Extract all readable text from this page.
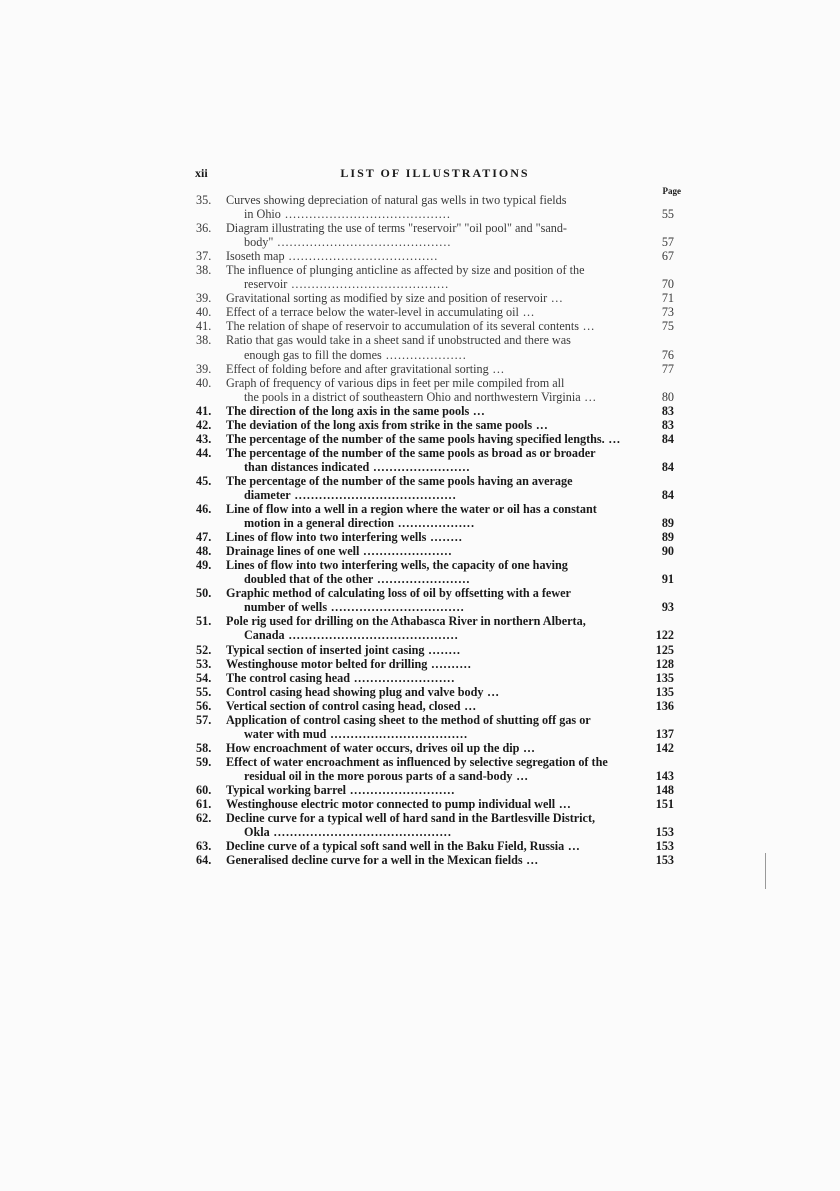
xii	LIST OF ILLUSTRATIONS
Page
35.	Curves showing depreciation of natural gas wells in two typical fields
in Ohio .........................................	55
36.	Diagram illustrating the use of terms "reservoir" "oil pool" and "sand-
body" ...........................................	57
37.	Isoseth map .....................................	67
38.	The influence of plunging anticline as affected by size and position of the
reservoir .......................................	70
39.	Gravitational sorting as modified by size and position of reservoir ...	71
40.	Effect of a terrace below the water-level in accumulating oil ...	73
41.	The relation of shape of reservoir to accumulation of its several contents ...	75
38.	Ratio that gas would take in a sheet sand if unobstructed and there was
enough gas to fill the domes ....................	76
39.	Effect of folding before and after gravitational sorting ...	77
40.	Graph of frequency of various dips in feet per mile compiled from all
the pools in a district of southeastern Ohio and northwestern Virginia ...	80
41.	The direction of the long axis in the same pools ...	83
42.	The deviation of the long axis from strike in the same pools ...	83
43.	The percentage of the number of the same pools having specified lengths. ...	84
44.	The percentage of the number of the same pools as broad as or broader
than distances indicated ........................	84
45.	The percentage of the number of the same pools having an average
diameter ........................................	84
46.	Line of flow into a well in a region where the water or oil has a constant
motion in a general direction ...................	89
47.	Lines of flow into two interfering wells ........	89
48.	Drainage lines of one well ......................	90
49.	Lines of flow into two interfering wells, the capacity of one having
doubled that of the other .......................	91
50.	Graphic method of calculating loss of oil by offsetting with a fewer
number of wells .................................	93
51.	Pole rig used for drilling on the Athabasca River in northern Alberta,
Canada ..........................................	122
52.	Typical section of inserted joint casing ........	125
53.	Westinghouse motor belted for drilling ..........	128
54.	The control casing head .........................	135
55.	Control casing head showing plug and valve body ...	135
56.	Vertical section of control casing head, closed ...	136
57.	Application of control casing sheet to the method of shutting off gas or
water with mud ..................................	137
58.	How encroachment of water occurs, drives oil up the dip ...	142
59.	Effect of water encroachment as influenced by selective segregation of the
residual oil in the more porous parts of a sand-body ...	143
60.	Typical working barrel ..........................	148
61.	Westinghouse electric motor connected to pump individual well ...	151
62.	Decline curve for a typical well of hard sand in the Bartlesville District,
Okla ............................................	153
63.	Decline curve of a typical soft sand well in the Baku Field, Russia ...	153
64.	Generalised decline curve for a well in the Mexican fields ...	153
